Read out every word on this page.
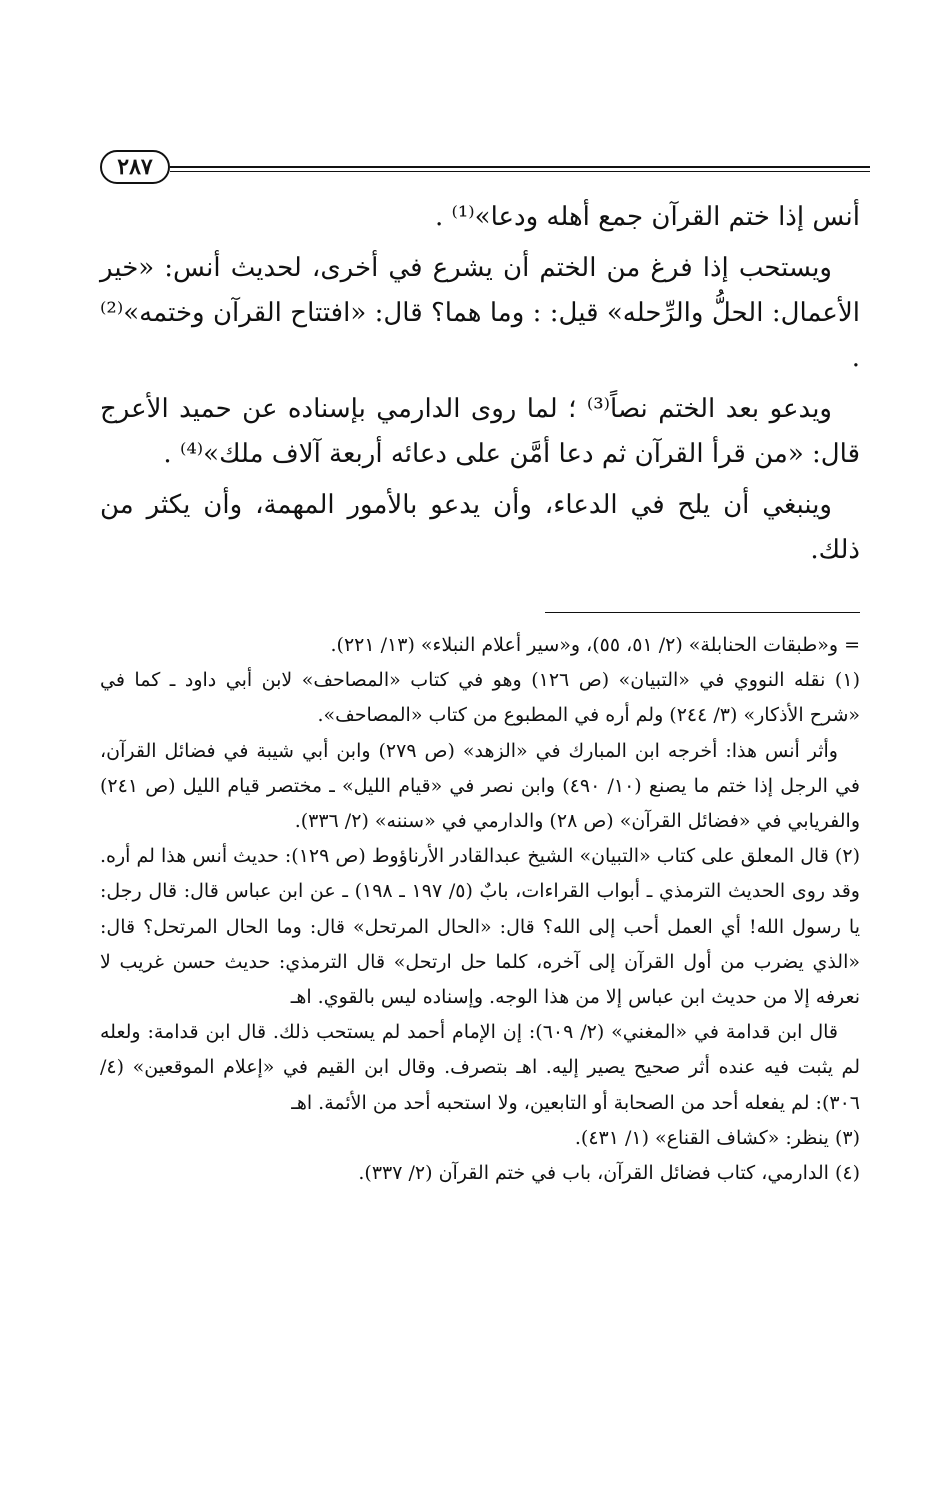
٢٨٧

أنس إذا ختم القرآن جمع أهله ودعا»⁽¹⁾ .

ويستحب إذا فرغ من الختم أن يشرع في أخرى، لحديث أنس: «خير الأعمال: الحلُّ والرِّحله» قيل: : وما هما؟ قال: «افتتاح القرآن وختمه»⁽²⁾ .

ويدعو بعد الختم نصاً⁽³⁾ ؛ لما روى الدارمي بإسناده عن حميد الأعرج قال: «من قرأ القرآن ثم دعا أمَّن على دعائه أربعة آلاف ملك»⁽⁴⁾ .

وينبغي أن يلح في الدعاء، وأن يدعو بالأمور المهمة، وأن يكثر من ذلك.

= و«طبقات الحنابلة» (٢/ ٥١، ٥٥)، و«سير أعلام النبلاء» (١٣/ ٢٢١).

(١) نقله النووي في «التبيان» (ص ١٢٦) وهو في كتاب «المصاحف» لابن أبي داود ـ كما في «شرح الأذكار» (٣/ ٢٤٤) ولم أره في المطبوع من كتاب «المصاحف».

وأثر أنس هذا: أخرجه ابن المبارك في «الزهد» (ص ٢٧٩) وابن أبي شيبة في فضائل القرآن، في الرجل إذا ختم ما يصنع (١٠/ ٤٩٠) وابن نصر في «قيام الليل» ـ مختصر قيام الليل (ص ٢٤١) والفريابي في «فضائل القرآن» (ص ٢٨) والدارمي في «سننه» (٢/ ٣٣٦).

(٢) قال المعلق على كتاب «التبيان» الشيخ عبدالقادر الأرناؤوط (ص ١٢٩): حديث أنس هذا لم أره. وقد روى الحديث الترمذي ـ أبواب القراءات، بابٌ (٥/ ١٩٧ ـ ١٩٨) ـ عن ابن عباس قال: قال رجل: يا رسول الله! أي العمل أحب إلى الله؟ قال: «الحال المرتحل» قال: وما الحال المرتحل؟ قال: «الذي يضرب من أول القرآن إلى آخره، كلما حل ارتحل» قال الترمذي: حديث حسن غريب لا نعرفه إلا من حديث ابن عباس إلا من هذا الوجه. وإسناده ليس بالقوي. اهـ

قال ابن قدامة في «المغني» (٢/ ٦٠٩): إن الإمام أحمد لم يستحب ذلك. قال ابن قدامة: ولعله لم يثبت فيه عنده أثر صحيح يصير إليه. اهـ بتصرف. وقال ابن القيم في «إعلام الموقعين» (٤/ ٣٠٦): لم يفعله أحد من الصحابة أو التابعين، ولا استحبه أحد من الأئمة. اهـ

(٣) ينظر: «كشاف القناع» (١/ ٤٣١).

(٤) الدارمي، كتاب فضائل القرآن، باب في ختم القرآن (٢/ ٣٣٧).
